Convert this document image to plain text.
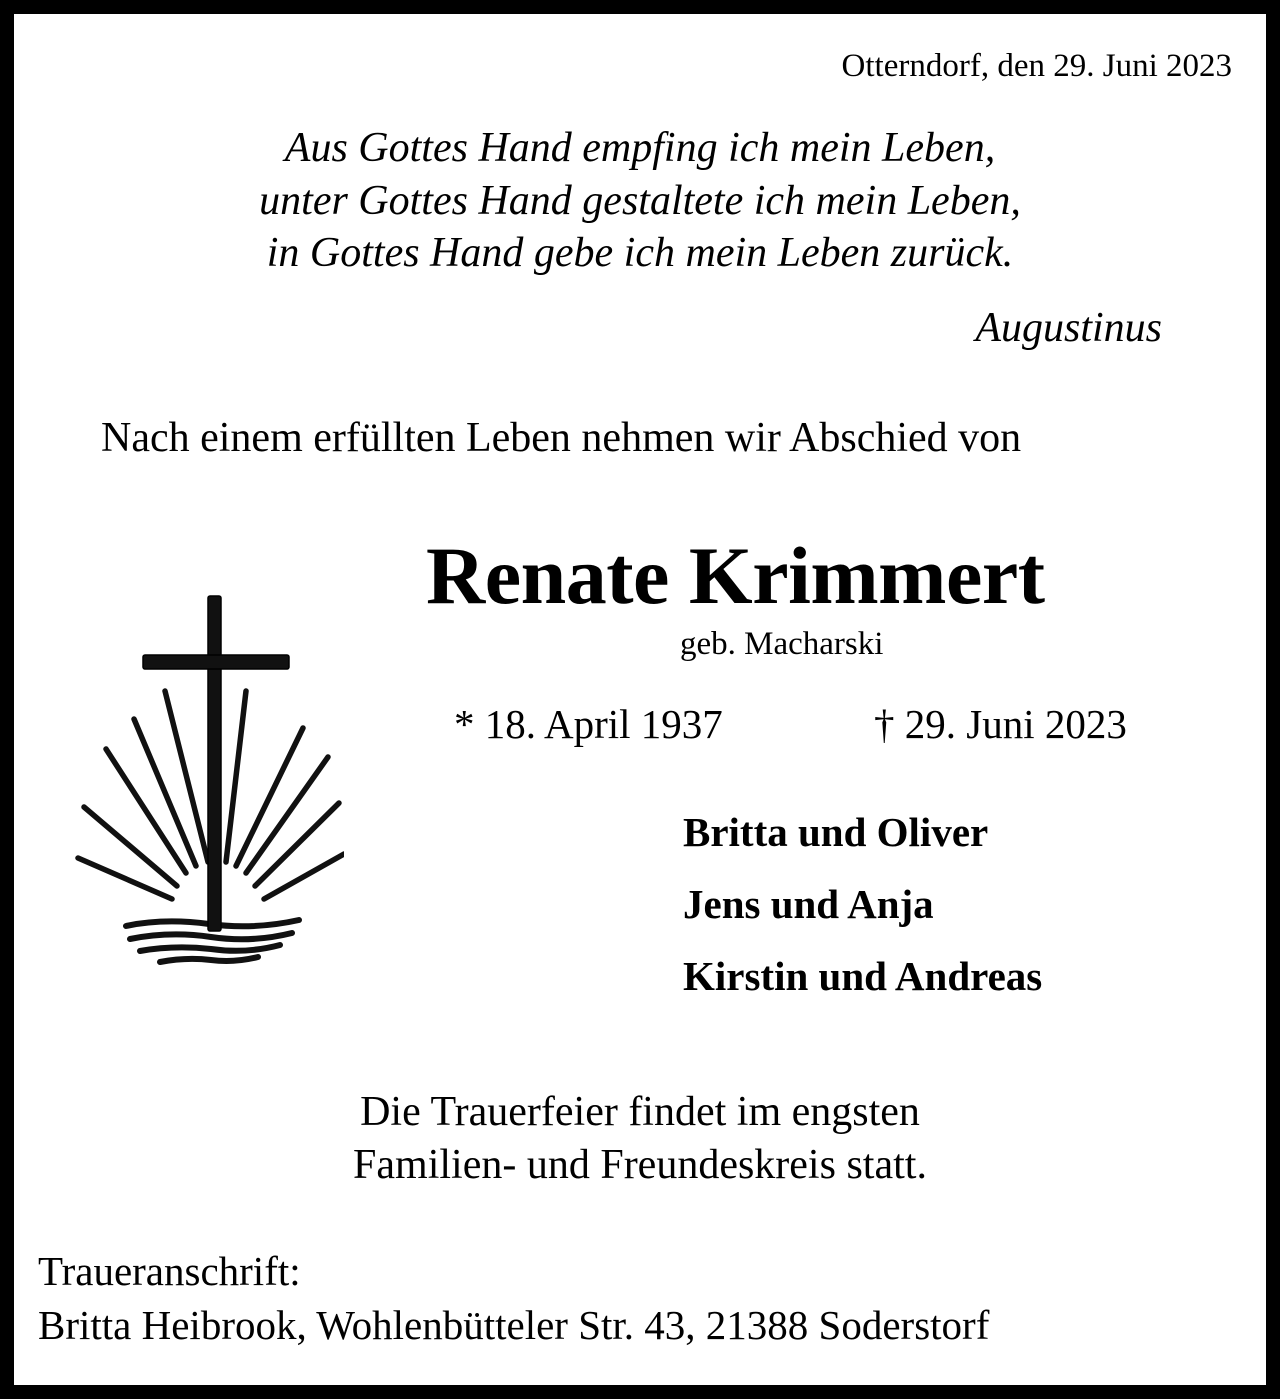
Otterndorf, den 29. Juni 2023
Aus Gottes Hand empfing ich mein Leben,
unter Gottes Hand gestaltete ich mein Leben,
in Gottes Hand gebe ich mein Leben zurück.
Augustinus
Nach einem erfüllten Leben nehmen wir Abschied von
Renate Krimmert
geb. Macharski
* 18. April 1937	† 29. Juni 2023
Britta und Oliver
Jens und Anja
Kirstin und Andreas
Die Trauerfeier findet im engsten
Familien- und Freundeskreis statt.
Traueranschrift:
Britta Heibrook, Wohlenbütteler Str. 43, 21388 Soderstorf
